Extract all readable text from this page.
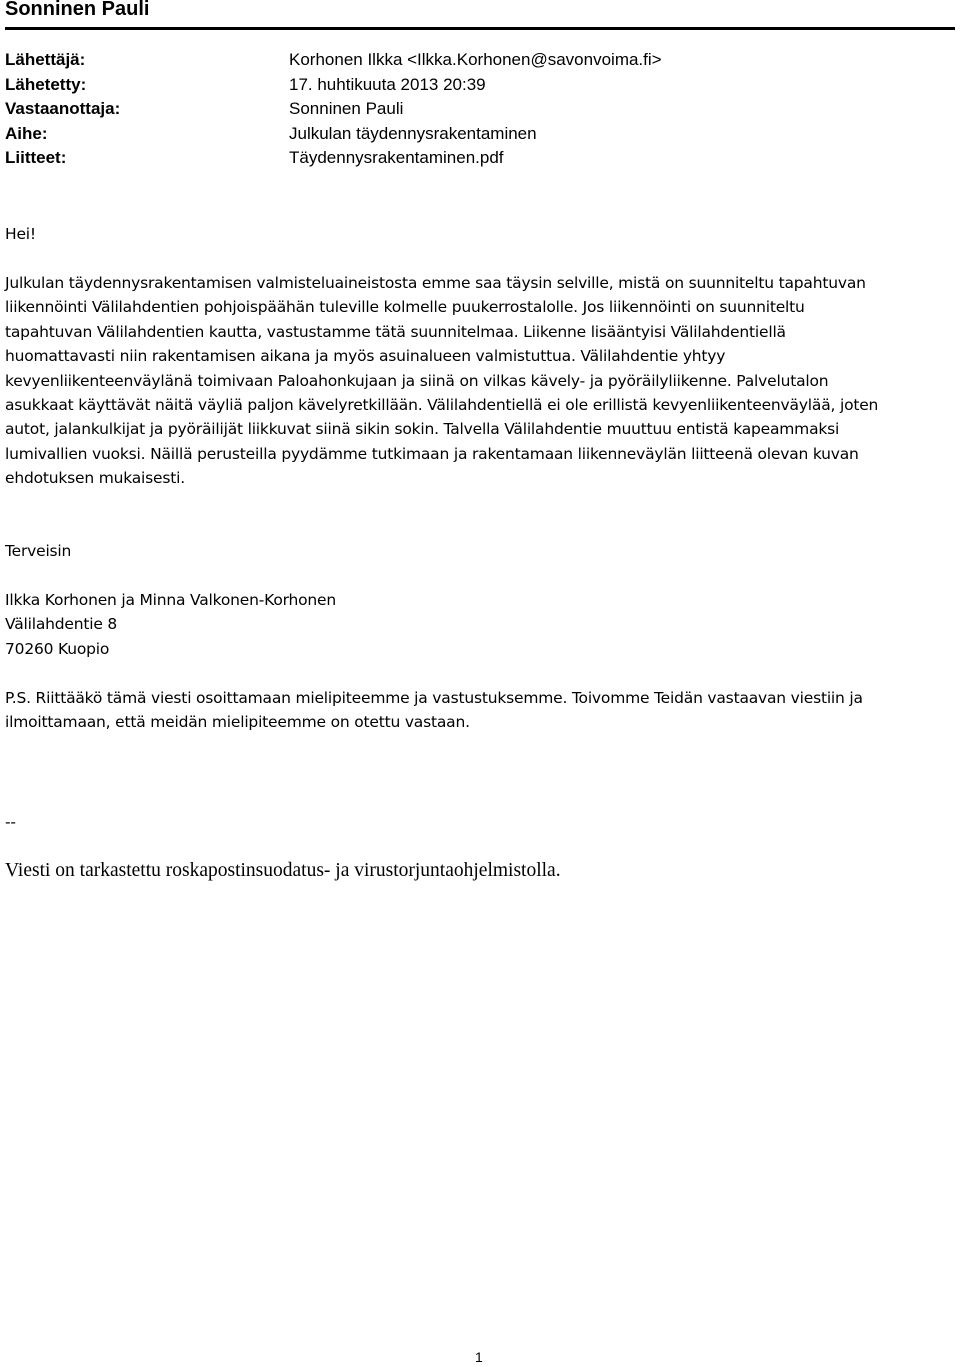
Sonninen Pauli
Lähettäjä:	Korhonen Ilkka <Ilkka.Korhonen@savonvoima.fi>
Lähetetty:	17. huhtikuuta 2013 20:39
Vastaanottaja:	Sonninen Pauli
Aihe:	Julkulan täydennysrakentaminen
Liitteet:	Täydennysrakentaminen.pdf
Hei!
Julkulan täydennysrakentamisen valmisteluaineistosta emme saa täysin selville, mistä on suunniteltu tapahtuvan
liikennöinti Välilahdentien pohjoispäähän tuleville kolmelle puukerrostalolle. Jos liikennöinti on suunniteltu
tapahtuvan Välilahdentien kautta, vastustamme tätä suunnitelmaa. Liikenne lisääntyisi Välilahdentiellä
huomattavasti niin rakentamisen aikana ja myös asuinalueen valmistuttua. Välilahdentie yhtyy
kevyenliikenteenväylänä toimivaan Paloahonkujaan ja siinä on vilkas kävely- ja pyöräilyliikenne. Palvelutalon
asukkaat käyttävät näitä väyliä paljon kävelyretkillään. Välilahdentiellä ei ole erillistä kevyenliikenteenväylää, joten
autot, jalankulkijat ja pyöräilijät liikkuvat siinä sikin sokin. Talvella Välilahdentie muuttuu entistä kapeammaksi
lumivallien vuoksi. Näillä perusteilla pyydämme tutkimaan ja rakentamaan liikenneväylän liitteenä olevan kuvan
ehdotuksen mukaisesti.
Terveisin
Ilkka Korhonen ja Minna Valkonen-Korhonen
Välilahdentie 8
70260 Kuopio
P.S. Riittääkö tämä viesti osoittamaan mielipiteemme ja vastustuksemme. Toivomme Teidän vastaavan viestiin ja
ilmoittamaan, että meidän mielipiteemme on otettu vastaan.
--
Viesti on tarkastettu roskapostinsuodatus- ja virustorjuntaohjelmistolla.
1
